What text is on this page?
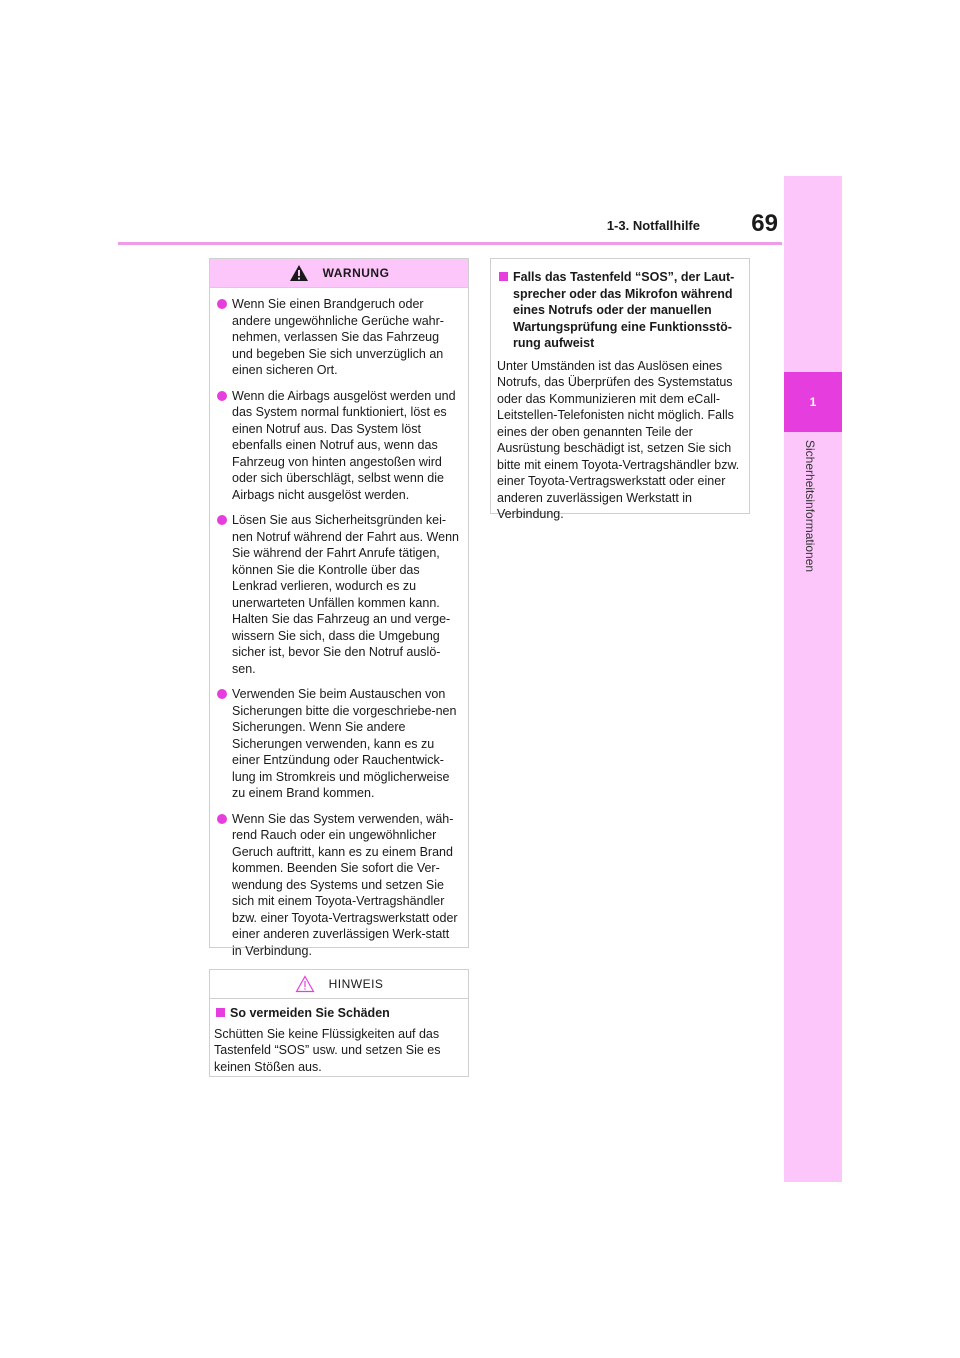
1-3. Notfallhilfe	69
1
Sicherheitsinformationen
WARNUNG
Wenn Sie einen Brandgeruch oder andere ungewöhnliche Gerüche wahr-nehmen, verlassen Sie das Fahrzeug und begeben Sie sich unverzüglich an einen sicheren Ort.
Wenn die Airbags ausgelöst werden und das System normal funktioniert, löst es einen Notruf aus. Das System löst ebenfalls einen Notruf aus, wenn das Fahrzeug von hinten angestoßen wird oder sich überschlägt, selbst wenn die Airbags nicht ausgelöst werden.
Lösen Sie aus Sicherheitsgründen kei-nen Notruf während der Fahrt aus. Wenn Sie während der Fahrt Anrufe tätigen, können Sie die Kontrolle über das Lenkrad verlieren, wodurch es zu unerwarteten Unfällen kommen kann. Halten Sie das Fahrzeug an und verge-wissern Sie sich, dass die Umgebung sicher ist, bevor Sie den Notruf auslö-sen.
Verwenden Sie beim Austauschen von Sicherungen bitte die vorgeschriebe-nen Sicherungen. Wenn Sie andere Sicherungen verwenden, kann es zu einer Entzündung oder Rauchentwick-lung im Stromkreis und möglicherweise zu einem Brand kommen.
Wenn Sie das System verwenden, wäh-rend Rauch oder ein ungewöhnlicher Geruch auftritt, kann es zu einem Brand kommen. Beenden Sie sofort die Ver-wendung des Systems und setzen Sie sich mit einem Toyota-Vertragshändler bzw. einer Toyota-Vertragswerkstatt oder einer anderen zuverlässigen Werk-statt in Verbindung.
HINWEIS
So vermeiden Sie Schäden

Schütten Sie keine Flüssigkeiten auf das Tastenfeld “SOS” usw. und setzen Sie es keinen Stößen aus.

Falls das Tastenfeld “SOS”, der Laut-sprecher oder das Mikrofon während eines Notrufs oder der manuellen Wartungsprüfung eine Funktionsstö-rung aufweist

Unter Umständen ist das Auslösen eines Notrufs, das Überprüfen des Systemstatus oder das Kommunizieren mit dem eCall-Leitstellen-Telefonisten nicht möglich. Falls eines der oben genannten Teile der Ausrüstung beschädigt ist, setzen Sie sich bitte mit einem Toyota-Vertragshändler bzw. einer Toyota-Vertragswerkstatt oder einer anderen zuverlässigen Werkstatt in Verbindung.
